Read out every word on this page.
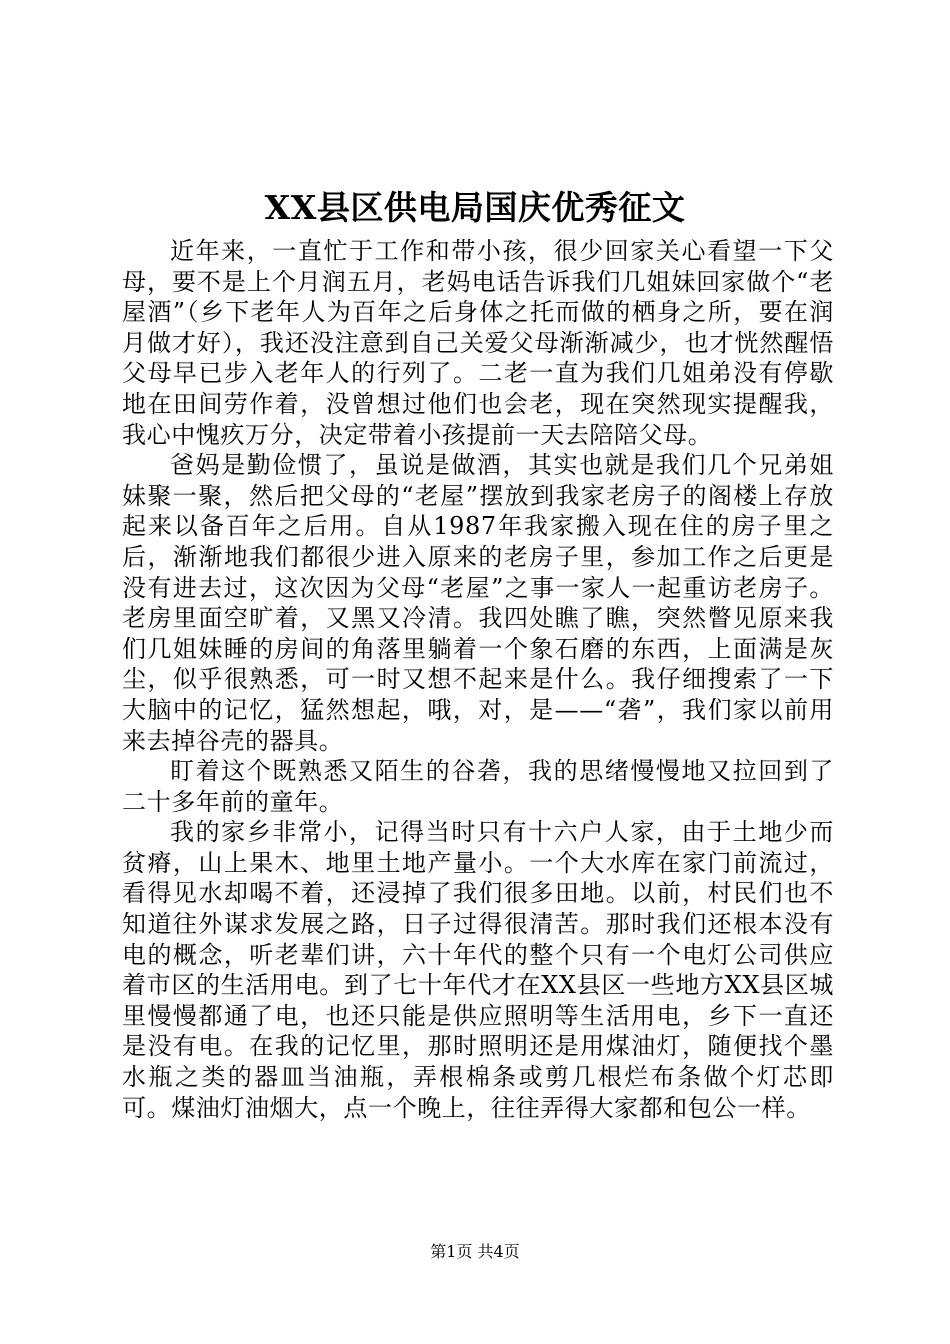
XX县区供电局国庆优秀征文

近年来，一直忙于工作和带小孩，很少回家关心看望一下父母，要不是上个月润五月，老妈电话告诉我们几姐妹回家做个“老屋酒”（乡下老年人为百年之后身体之托而做的栖身之所，要在润月做才好），我还没注意到自己关爱父母渐渐减少，也才恍然醒悟父母早已步入老年人的行列了。二老一直为我们几姐弟没有停歇地在田间劳作着，没曾想过他们也会老，现在突然现实提醒我，我心中愧疚万分，决定带着小孩提前一天去陪陪父母。

爸妈是勤俭惯了，虽说是做酒，其实也就是我们几个兄弟姐妹聚一聚，然后把父母的“老屋”摆放到我家老房子的阁楼上存放起来以备百年之后用。自从1987年我家搬入现在住的房子里之后，渐渐地我们都很少进入原来的老房子里，参加工作之后更是没有进去过，这次因为父母“老屋”之事一家人一起重访老房子。老房里面空旷着，又黑又冷清。我四处瞧了瞧，突然瞥见原来我们几姐妹睡的房间的角落里躺着一个象石磨的东西，上面满是灰尘，似乎很熟悉，可一时又想不起来是什么。我仔细搜索了一下大脑中的记忆，猛然想起，哦，对，是——“砻”，我们家以前用来去掉谷壳的器具。

盯着这个既熟悉又陌生的谷砻，我的思绪慢慢地又拉回到了二十多年前的童年。

我的家乡非常小，记得当时只有十六户人家，由于土地少而贫瘠，山上果木、地里土地产量小。一个大水库在家门前流过，看得见水却喝不着，还浸掉了我们很多田地。以前，村民们也不知道往外谋求发展之路，日子过得很清苦。那时我们还根本没有电的概念，听老辈们讲，六十年代的整个只有一个电灯公司供应着市区的生活用电。到了七十年代才在XX县区一些地方XX县区城里慢慢都通了电，也还只能是供应照明等生活用电，乡下一直还是没有电。在我的记忆里，那时照明还是用煤油灯，随便找个墨水瓶之类的器皿当油瓶，弄根棉条或剪几根烂布条做个灯芯即可。煤油灯油烟大，点一个晚上，往往弄得大家都和包公一样。

第1页 共4页
